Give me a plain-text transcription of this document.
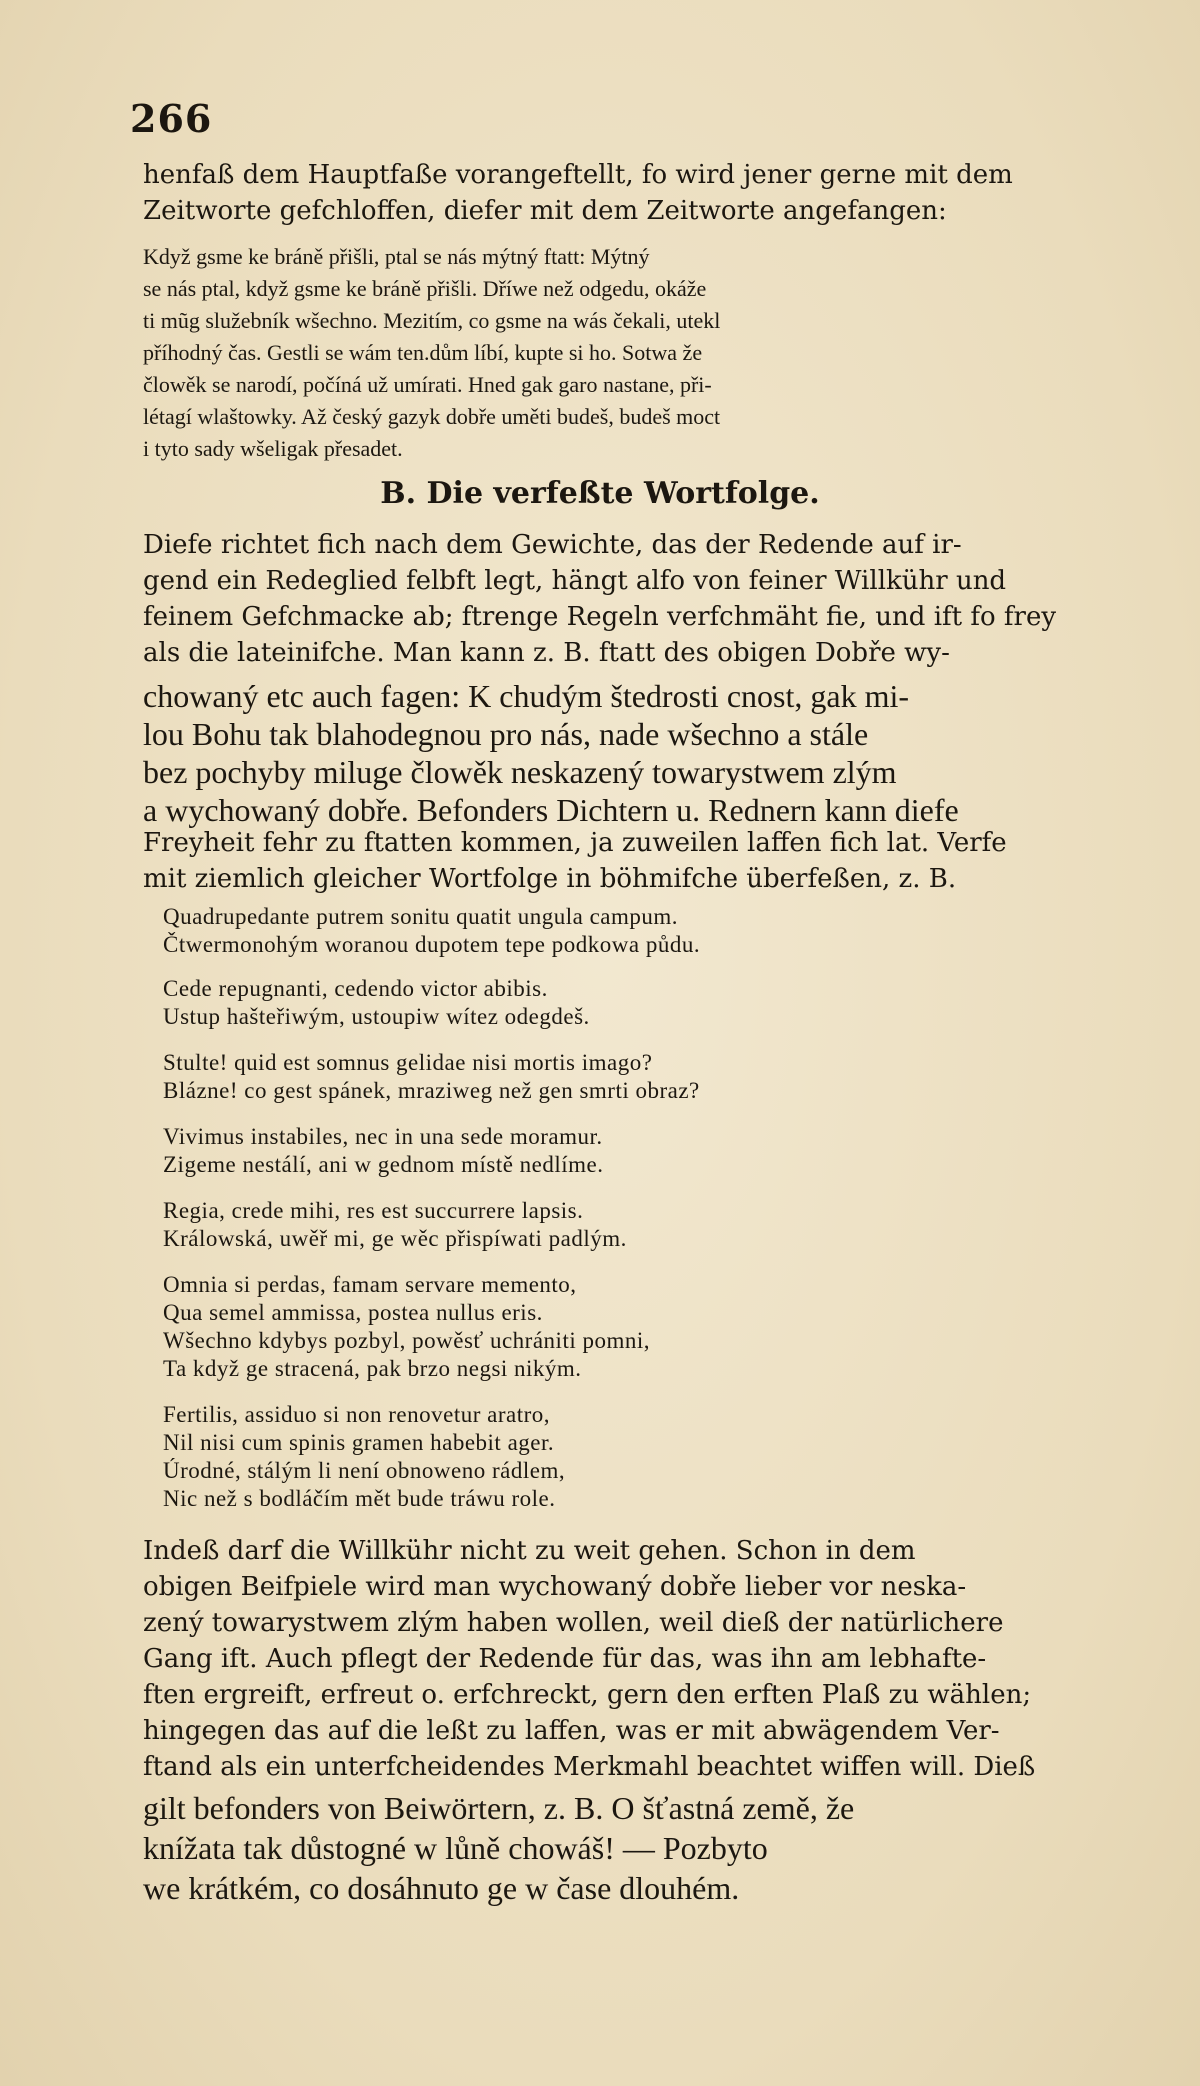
266
henfaß dem Hauptfaße vorangeftellt, fo wird jener gerne mit dem
Zeitworte gefchloffen, diefer mit dem Zeitworte angefangen:
Když gsme ke bráně přišli, ptal se nás mýtný ftatt: Mýtný
se nás ptal, když gsme ke bráně přišli. Dříwe než odgedu, okáže
ti mũg služebník wšechno. Mezitím, co gsme na wás čekali, utekl
příhodný čas. Gestli se wám ten.dům líbí, kupte si ho. Sotwa že
člowěk se narodí, počíná už umírati. Hned gak garo nastane, při-
létagí wlaštowky. Až český gazyk dobře uměti budeš, budeš moct
i tyto sady wšeligak přesadet.
B. Die verfeßte Wortfolge.
Diefe richtet fich nach dem Gewichte, das der Redende auf ir-
gend ein Redeglied felbft legt, hängt alfo von feiner Willkühr und
feinem Gefchmacke ab; ftrenge Regeln verfchmäht fie, und ift fo frey
als die lateinifche. Man kann z. B. ftatt des obigen Dobře wy-
chowaný etc auch fagen: K chudým štedrosti cnost, gak mi-
lou Bohu tak blahodegnou pro nás, nade wšechno a stále
bez pochyby miluge člowěk neskazený towarystwem zlým
a wychowaný dobře. Befonders Dichtern u. Rednern kann diefe
Freyheit fehr zu ftatten kommen, ja zuweilen laffen fich lat. Verfe
mit ziemlich gleicher Wortfolge in böhmifche überfeßen, z. B.
Quadrupedante putrem sonitu quatit ungula campum.
Čtwermonohým woranou dupotem tepe podkowa půdu.
Cede repugnanti, cedendo victor abibis.
Ustup hašteřiwým, ustoupiw wítez odegdeš.
Stulte! quid est somnus gelidae nisi mortis imago?
Blázne! co gest spánek, mraziweg než gen smrti obraz?
Vivimus instabiles, nec in una sede moramur.
Zigeme nestálí, ani w gednom místě nedlíme.
Regia, crede mihi, res est succurrere lapsis.
Králowská, uwěř mi, ge wěc přispíwati padlým.
Omnia si perdas, famam servare memento,
Qua semel ammissa, postea nullus eris.
Wšechno kdybys pozbyl, powěsť uchrániti pomni,
Ta když ge stracená, pak brzo negsi nikým.
Fertilis, assiduo si non renovetur aratro,
Nil nisi cum spinis gramen habebit ager.
Úrodné, stálým li není obnoweno rádlem,
Nic než s bodláčím mět bude tráwu role.
Indeß darf die Willkühr nicht zu weit gehen. Schon in dem
obigen Beifpiele wird man wychowaný dobře lieber vor neska-
zený towarystwem zlým haben wollen, weil dieß der natürlichere
Gang ift. Auch pflegt der Redende für das, was ihn am lebhafte-
ften ergreift, erfreut o. erfchreckt, gern den erften Plaß zu wählen;
hingegen das auf die leßt zu laffen, was er mit abwägendem Ver-
ftand als ein unterfcheidendes Merkmahl beachtet wiffen will. Dieß
gilt befonders von Beiwörtern, z. B. O šťastná země, že
knížata tak důstogné w lůně chowáš! — Pozbyto
we krátkém, co dosáhnuto ge w čase dlouhém.
